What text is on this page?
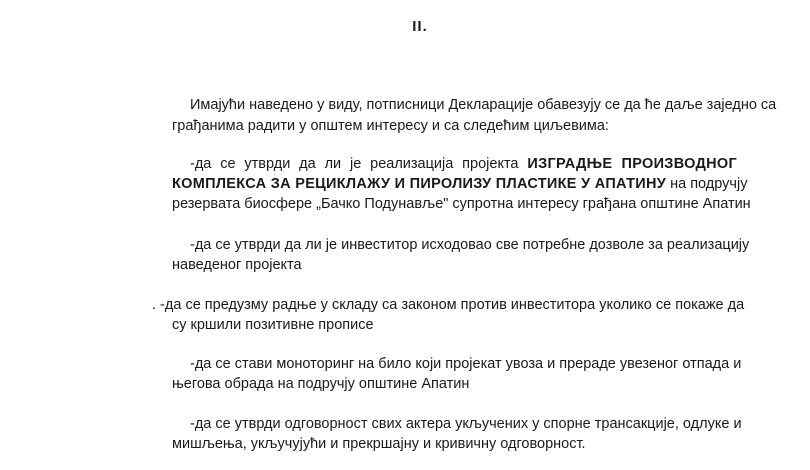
II.
Имајући наведено у виду, потписници Декларације обавезују се да ће даље заједно са
грађанима радити у општем интересу и са следећим циљевима:
-да се утврди да ли је реализација пројекта ИЗГРАДЊЕ ПРОИЗВОДНОГ
КОМПЛЕКСА ЗА РЕЦИКЛАЖУ И ПИРОЛИЗУ ПЛАСТИКЕ У АПАТИНУ на подручју
резервата биосфере „Бачко Подунавље" супротна интересу грађана општине Апатин
-да се утврди да ли је инвеститор исходовао све потребне дозволе за реализацију
наведеног пројекта
. -да се предузму радње у складу са законом против инвеститора уколико се покаже да
су кршили позитивне прописе
-да се стави моноторинг на било који пројекат увоза и прераде увезеног отпада и
његова обрада на подручју општине Апатин
-да се утврди одговорност свих актера укључених у спорне трансакције, одлуке и
мишљења, укључујући и прекршајну и кривичну одговорност.
